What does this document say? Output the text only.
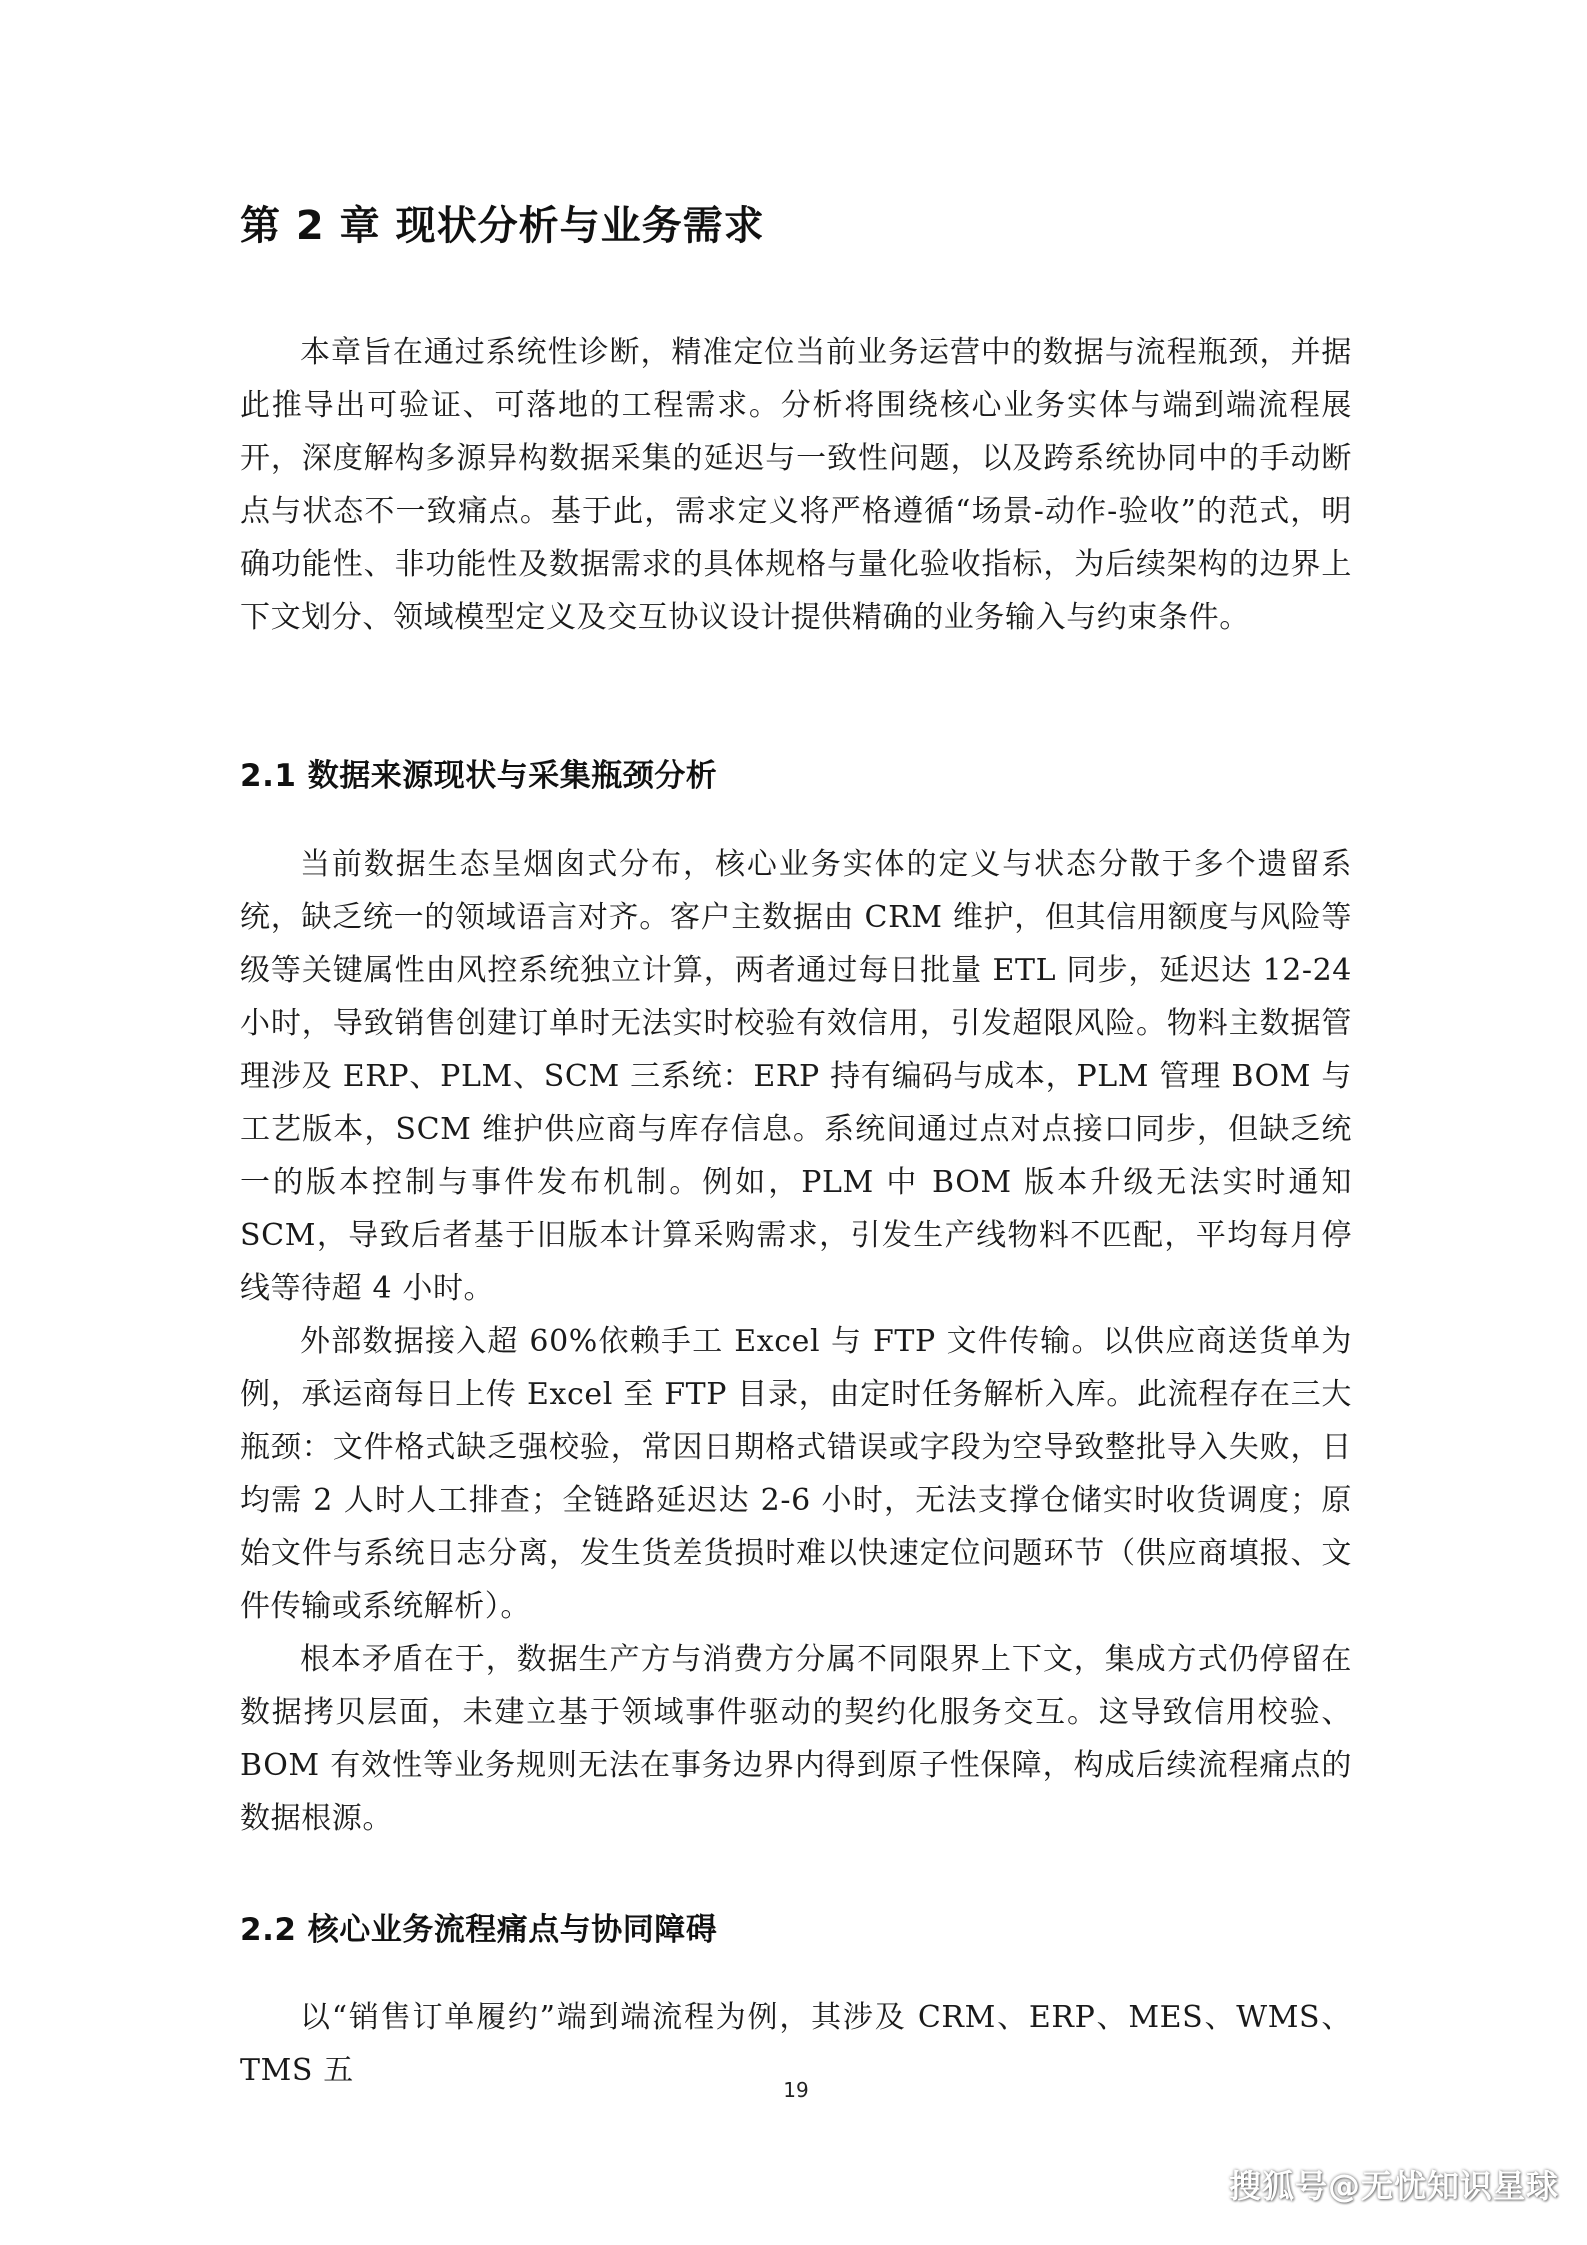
第 2 章 现状分析与业务需求

本章旨在通过系统性诊断，精准定位当前业务运营中的数据与流程瓶颈，并据此推导出可验证、可落地的工程需求。分析将围绕核心业务实体与端到端流程展开，深度解构多源异构数据采集的延迟与一致性问题，以及跨系统协同中的手动断点与状态不一致痛点。基于此，需求定义将严格遵循“场景-动作-验收”的范式，明确功能性、非功能性及数据需求的具体规格与量化验收指标，为后续架构的边界上下文划分、领域模型定义及交互协议设计提供精确的业务输入与约束条件。

2.1 数据来源现状与采集瓶颈分析

当前数据生态呈烟囱式分布，核心业务实体的定义与状态分散于多个遗留系统，缺乏统一的领域语言对齐。客户主数据由 CRM 维护，但其信用额度与风险等级等关键属性由风控系统独立计算，两者通过每日批量 ETL 同步，延迟达 12-24 小时，导致销售创建订单时无法实时校验有效信用，引发超限风险。物料主数据管理涉及 ERP、PLM、SCM 三系统：ERP 持有编码与成本，PLM 管理 BOM 与工艺版本，SCM 维护供应商与库存信息。系统间通过点对点接口同步，但缺乏统一的版本控制与事件发布机制。例如，PLM 中 BOM 版本升级无法实时通知 SCM，导致后者基于旧版本计算采购需求，引发生产线物料不匹配，平均每月停线等待超 4 小时。

外部数据接入超 60%依赖手工 Excel 与 FTP 文件传输。以供应商送货单为例，承运商每日上传 Excel 至 FTP 目录，由定时任务解析入库。此流程存在三大瓶颈：文件格式缺乏强校验，常因日期格式错误或字段为空导致整批导入失败，日均需 2 人时人工排查；全链路延迟达 2-6 小时，无法支撑仓储实时收货调度；原始文件与系统日志分离，发生货差货损时难以快速定位问题环节（供应商填报、文件传输或系统解析）。

根本矛盾在于，数据生产方与消费方分属不同限界上下文，集成方式仍停留在数据拷贝层面，未建立基于领域事件驱动的契约化服务交互。这导致信用校验、BOM 有效性等业务规则无法在事务边界内得到原子性保障，构成后续流程痛点的数据根源。

2.2 核心业务流程痛点与协同障碍

以“销售订单履约”端到端流程为例，其涉及 CRM、ERP、MES、WMS、TMS 五

19
搜狐号@无忧知识星球
